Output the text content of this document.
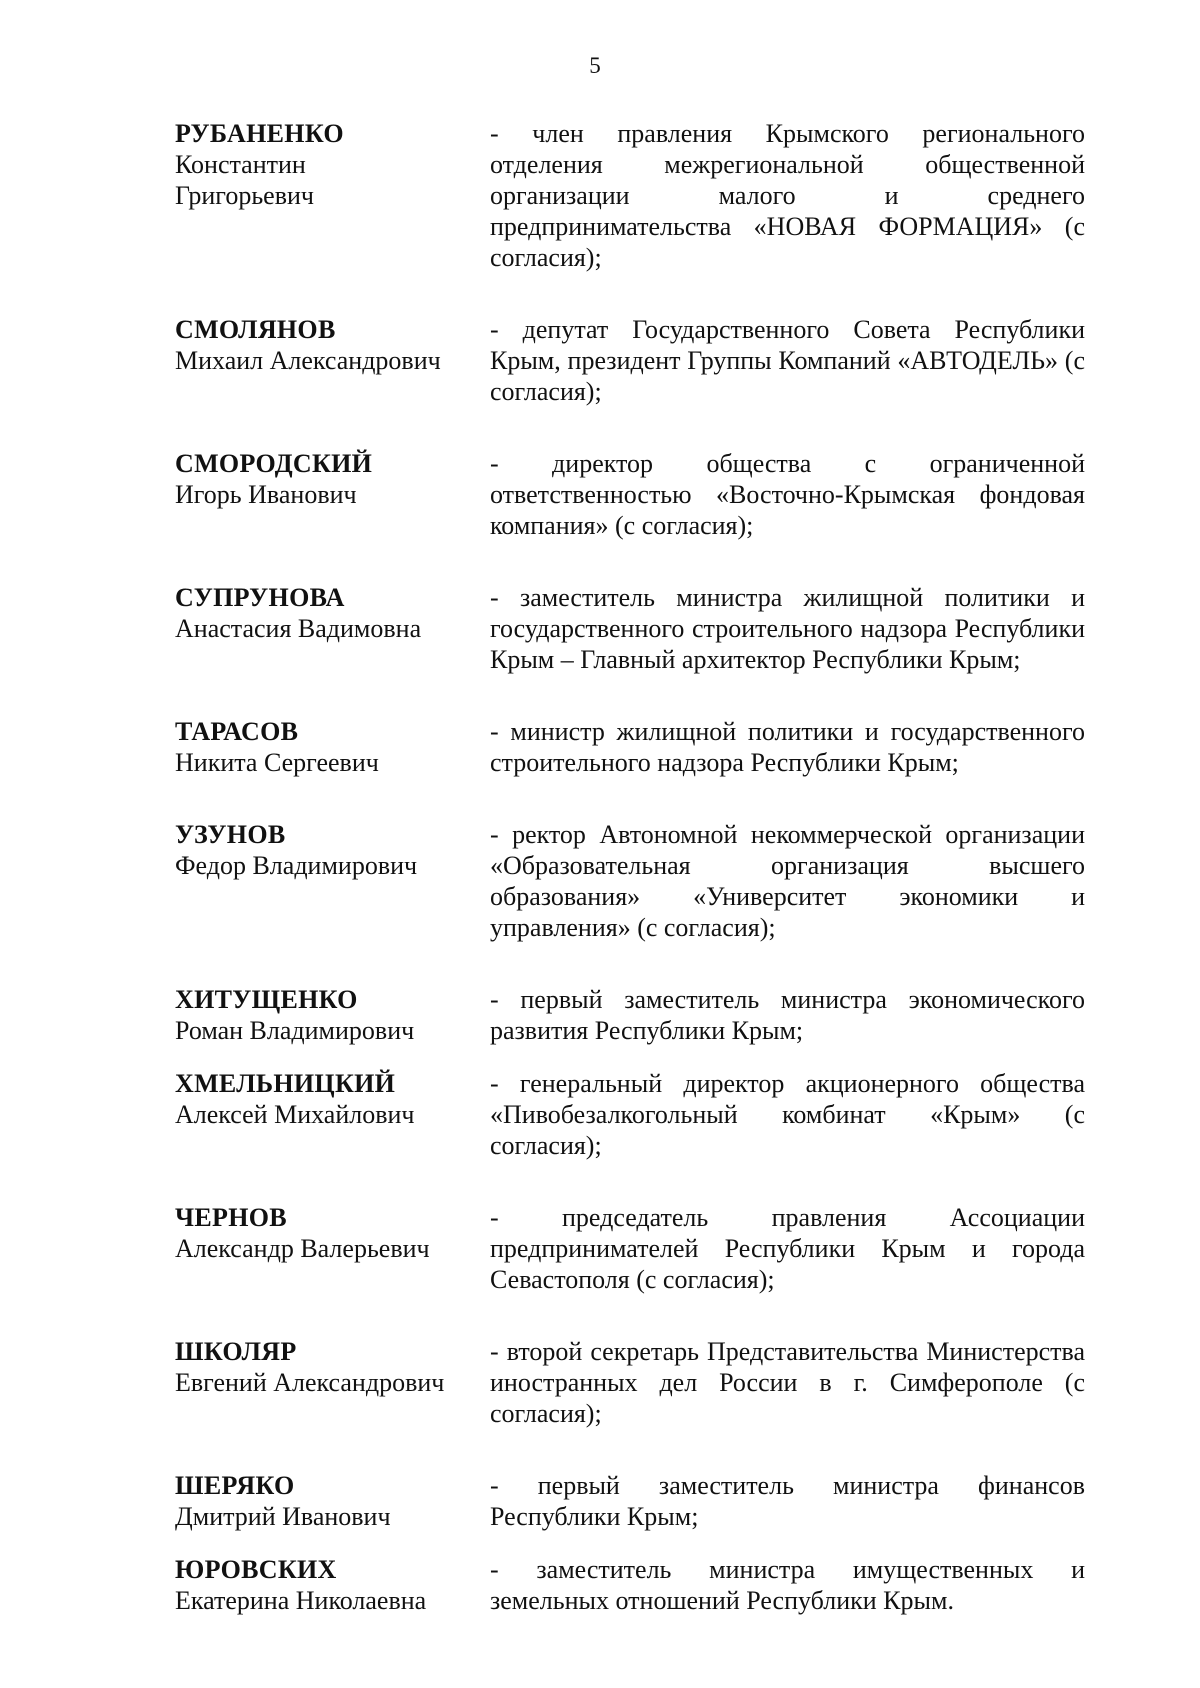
5
РУБАНЕНКО
Константин
Григорьевич
- член правления Крымского регионального отделения межрегиональной общественной организации малого и среднего предпринимательства «НОВАЯ ФОРМАЦИЯ» (с согласия);
СМОЛЯНОВ
Михаил Александрович
- депутат Государственного Совета Республики Крым, президент Группы Компаний «АВТОДЕЛЬ» (с согласия);
СМОРОДСКИЙ
Игорь Иванович
- директор общества с ограниченной ответственностью «Восточно-Крымская фондовая компания» (с согласия);
СУПРУНОВА
Анастасия Вадимовна
- заместитель министра жилищной политики и государственного строительного надзора Республики Крым – Главный архитектор Республики Крым;
ТАРАСОВ
Никита Сергеевич
- министр жилищной политики и государственного строительного надзора Республики Крым;
УЗУНОВ
Федор Владимирович
- ректор Автономной некоммерческой организации «Образовательная организация высшего образования» «Университет экономики и управления» (с согласия);
ХИТУЩЕНКО
Роман Владимирович
- первый заместитель министра экономического развития Республики Крым;
ХМЕЛЬНИЦКИЙ
Алексей Михайлович
- генеральный директор акционерного общества «Пивобезалкогольный комбинат «Крым» (с согласия);
ЧЕРНОВ
Александр Валерьевич
- председатель правления Ассоциации предпринимателей Республики Крым и города Севастополя (с согласия);
ШКОЛЯР
Евгений Александрович
- второй секретарь Представительства Министерства иностранных дел России в г. Симферополе (с согласия);
ШЕРЯКО
Дмитрий Иванович
- первый заместитель министра финансов Республики Крым;
ЮРОВСКИХ
Екатерина Николаевна
- заместитель министра имущественных и земельных отношений Республики Крым.
